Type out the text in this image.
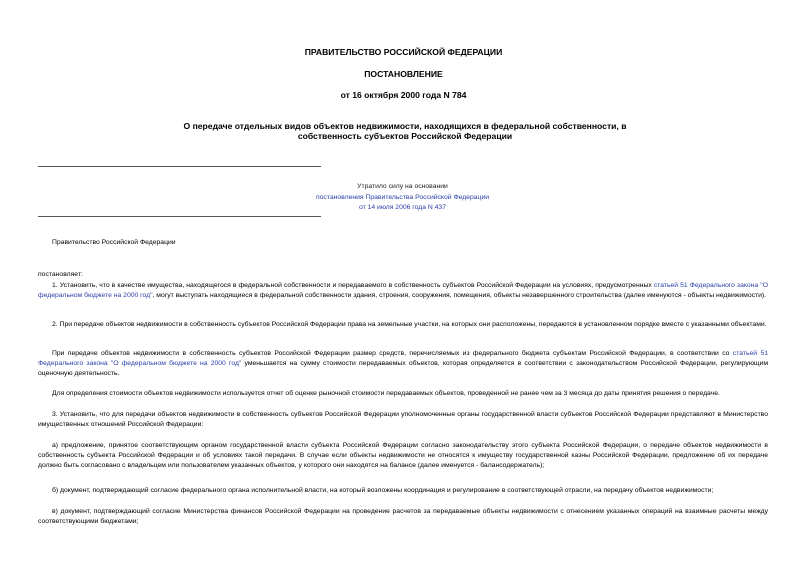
ПРАВИТЕЛЬСТВО РОССИЙСКОЙ ФЕДЕРАЦИИ
ПОСТАНОВЛЕНИЕ
от 16 октября 2000 года N 784
О передаче отдельных видов объектов недвижимости, находящихся в федеральной собственности, в собственность субъектов Российской Федерации
Утратило силу на основании
постановления Правительства Российской Федерации
от 14 июля 2006 года N 437
Правительство Российской Федерации
постановляет:
1. Установить, что в качестве имущества, находящегося в федеральной собственности и передаваемого в собственность субъектов Российской Федерации на условиях, предусмотренных статьей 51 Федерального закона "О федеральном бюджете на 2000 год", могут выступать находящиеся в федеральной собственности здания, строения, сооружения, помещения, объекты незавершенного строительства (далее именуются - объекты недвижимости).
2. При передаче объектов недвижимости в собственность субъектов Российской Федерации права на земельные участки, на которых они расположены, передаются в установленном порядке вместе с указанными объектами.
При передаче объектов недвижимости в собственность субъектов Российской Федерации размер средств, перечисляемых из федерального бюджета субъектам Российской Федерации, в соответствии со статьей 51 Федерального закона "О федеральном бюджете на 2000 год" уменьшается на сумму стоимости передаваемых объектов, которая определяется в соответствии с законодательством Российской Федерации, регулирующим оценочную деятельность.
Для определения стоимости объектов недвижимости используется отчет об оценке рыночной стоимости передаваемых объектов, проведенной не ранее чем за 3 месяца до даты принятия решения о передаче.
3. Установить, что для передачи объектов недвижимости в собственность субъектов Российской Федерации уполномоченные органы государственной власти субъектов Российской Федерации представляют в Министерство имущественных отношений Российской Федерации:
а) предложение, принятое соответствующим органом государственной власти субъекта Российской Федерации согласно законодательству этого субъекта Российской Федерации, о передаче объектов недвижимости в собственность субъекта Российской Федерации и об условиях такой передачи. В случае если объекты недвижимости не относятся к имуществу государственной казны Российской Федерации, предложение об их передаче должно быть согласовано с владельцем или пользователем указанных объектов, у которого они находятся на балансе (далее именуется - балансодержатель);
б) документ, подтверждающий согласие федерального органа исполнительной власти, на который возложены координация и регулирование в соответствующей отрасли, на передачу объектов недвижимости;
в) документ, подтверждающий согласие Министерства финансов Российской Федерации на проведение расчетов за передаваемые объекты недвижимости с отнесением указанных операций на взаимные расчеты между соответствующими бюджетами;
